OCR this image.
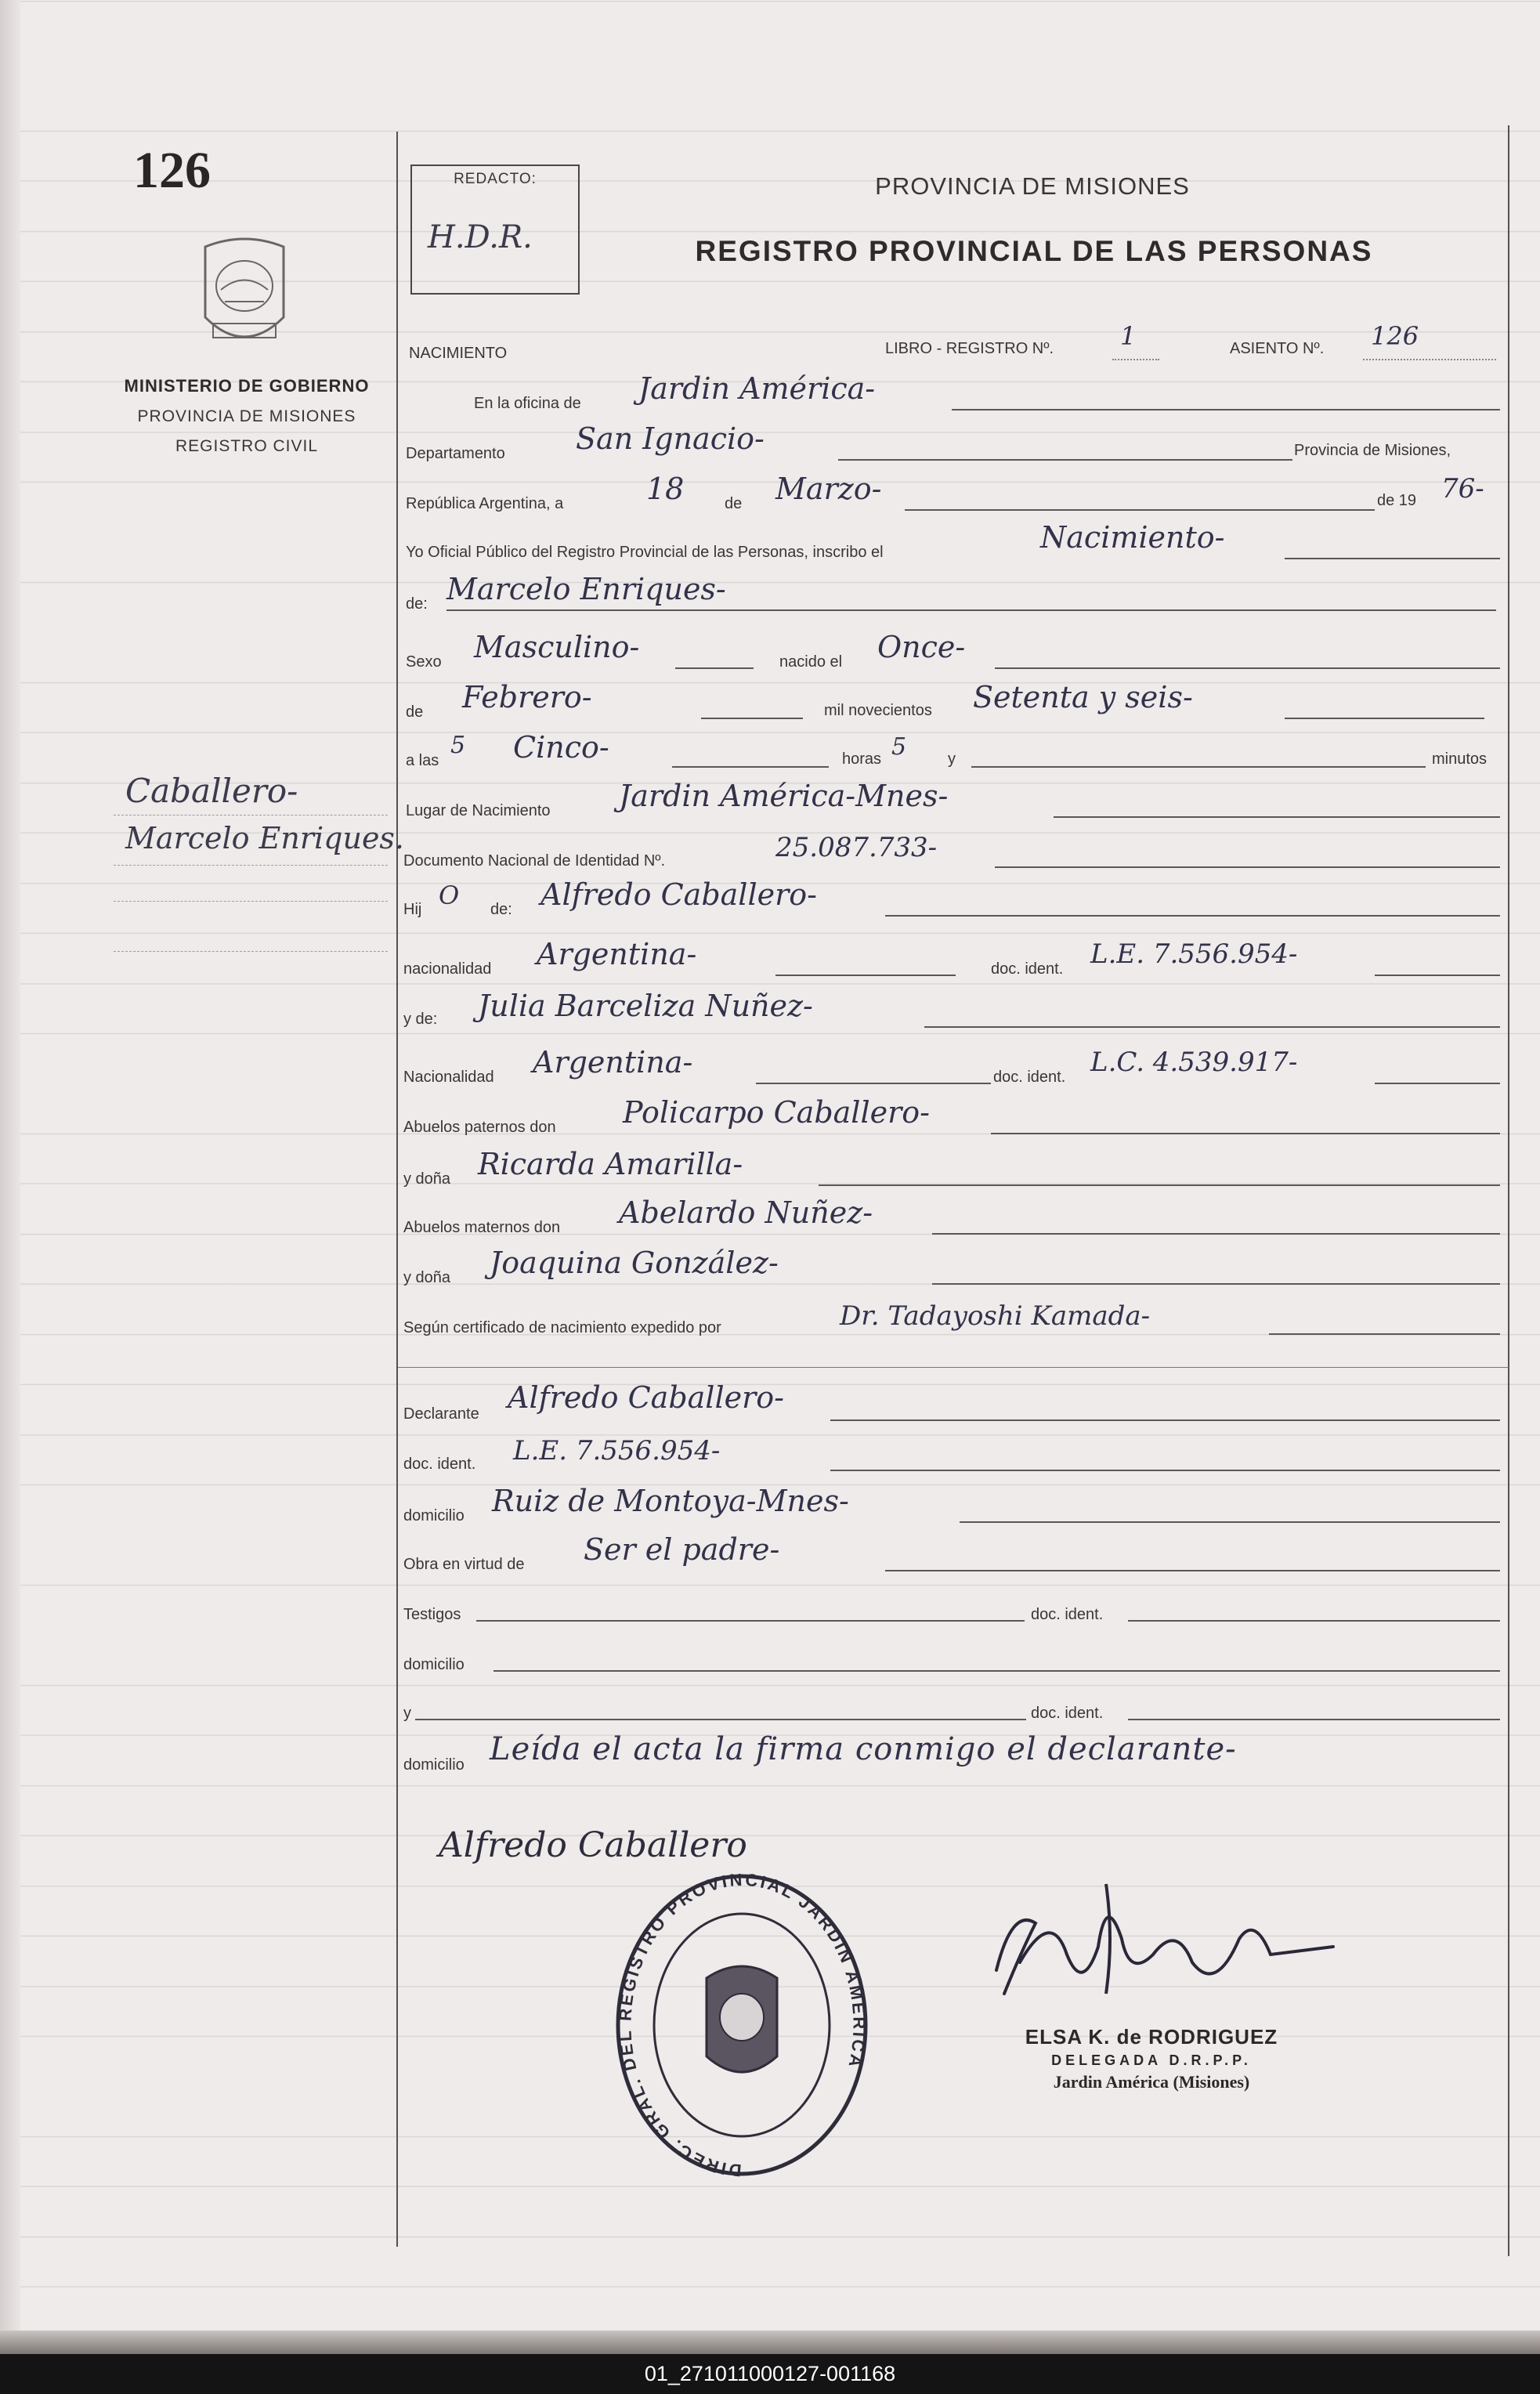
126
MINISTERIO DE GOBIERNO
PROVINCIA DE MISIONES
REGISTRO CIVIL
Caballero-
Marcelo Enriques.
REDACTO:
H.D.R.
PROVINCIA DE MISIONES
REGISTRO PROVINCIAL DE LAS PERSONAS
NACIMIENTO	LIBRO - REGISTRO Nº.	1	ASIENTO Nº. 126
En la oficina de Jardin América-
Departamento San Ignacio-	Provincia de Misiones,
República Argentina, a	18	de Marzo-	de 19 76-
Yo Oficial Público del Registro Provincial de las Personas, inscribo el	Nacimiento-
de: Marcelo Enriques-
Sexo Masculino-	nacido el Once-
de Febrero-	mil novecientos Setenta y seis-
a las
5 Cinco-	horas 5	y	minutos
Lugar de Nacimiento Jardin América-Mnes-
Documento Nacional de Identidad Nº.	25.087.733-
Hij O de: Alfredo Caballero-
nacionalidad Argentina-	doc. ident. L.E. 7.556.954-
y de: Julia Barceliza Nuñez-
Nacionalidad Argentina-	doc. ident. L.C. 4.539.917-
Abuelos paternos don Policarpo Caballero-
y doña Ricarda Amarilla-
Abuelos maternos don Abelardo Nuñez-
y doña Joaquina González-
Según certificado de nacimiento expedido por	Dr. Tadayoshi Kamada-
Declarante Alfredo Caballero-
doc. ident. L.E. 7.556.954-
domicilio Ruiz de Montoya-Mnes-
Obra en virtud de Ser el padre-
Testigos	doc. ident.
domicilio
y	doc. ident.
domicilio Leída el acta la firma conmigo el declarante-
Alfredo Caballero
DIREC. GRAL. DEL REGISTRO PROVINCIAL JARDIN AMERICA
ELSA K. de RODRIGUEZ
DELEGADA D.R.P.P.
Jardin América (Misiones)
01_271011000127-001168
